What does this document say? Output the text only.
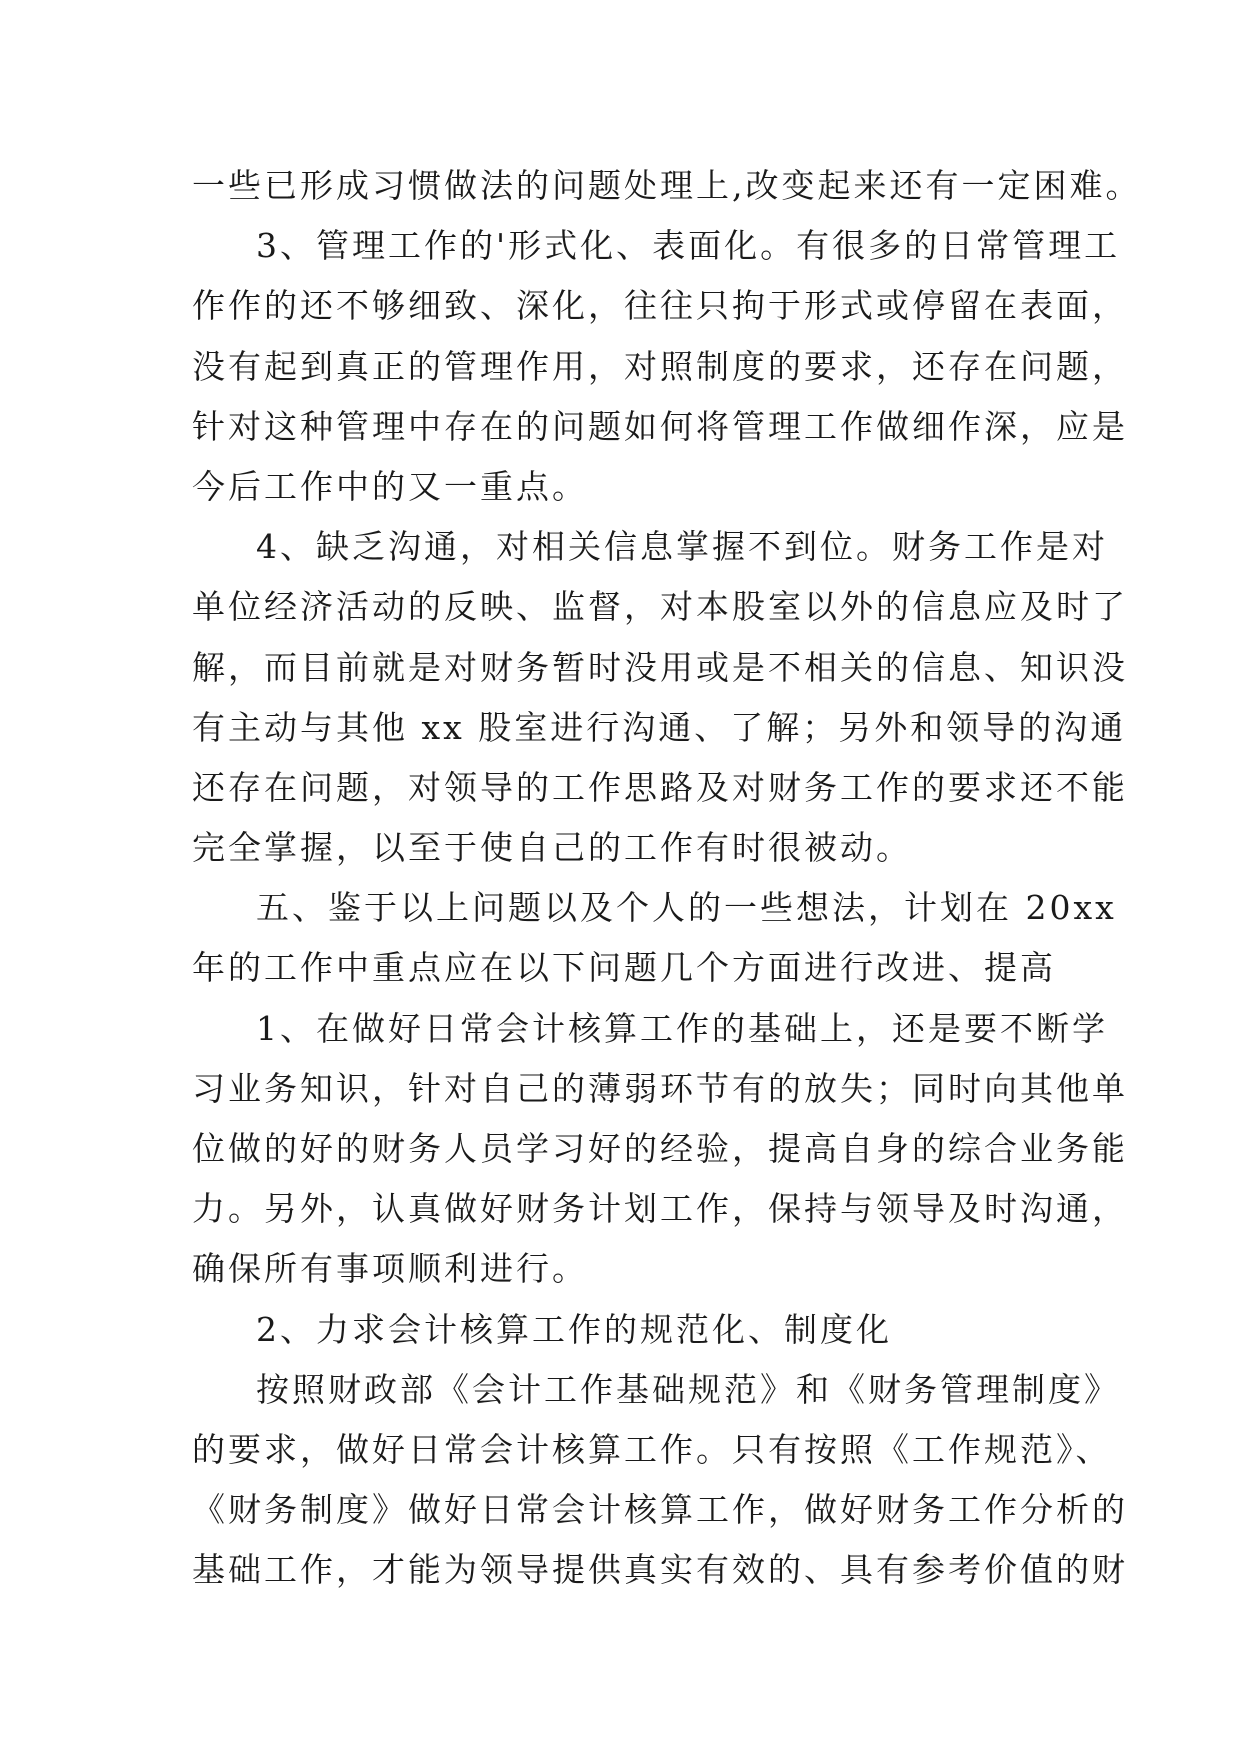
一些已形成习惯做法的问题处理上,改变起来还有一定困难。
3、管理工作的'形式化、表面化。有很多的日常管理工
作作的还不够细致、深化，往往只拘于形式或停留在表面，
没有起到真正的管理作用，对照制度的要求，还存在问题，
针对这种管理中存在的问题如何将管理工作做细作深，应是
今后工作中的又一重点。
4、缺乏沟通，对相关信息掌握不到位。财务工作是对
单位经济活动的反映、监督，对本股室以外的信息应及时了
解，而目前就是对财务暂时没用或是不相关的信息、知识没
有主动与其他 xx 股室进行沟通、了解；另外和领导的沟通
还存在问题，对领导的工作思路及对财务工作的要求还不能
完全掌握，以至于使自己的工作有时很被动。
五、鉴于以上问题以及个人的一些想法，计划在 20xx
年的工作中重点应在以下问题几个方面进行改进、提高
1、在做好日常会计核算工作的基础上，还是要不断学
习业务知识，针对自己的薄弱环节有的放失；同时向其他单
位做的好的财务人员学习好的经验，提高自身的综合业务能
力。另外，认真做好财务计划工作，保持与领导及时沟通，
确保所有事项顺利进行。
2、力求会计核算工作的规范化、制度化
按照财政部《会计工作基础规范》和《财务管理制度》
的要求，做好日常会计核算工作。只有按照《工作规范》、
《财务制度》做好日常会计核算工作，做好财务工作分析的
基础工作，才能为领导提供真实有效的、具有参考价值的财
